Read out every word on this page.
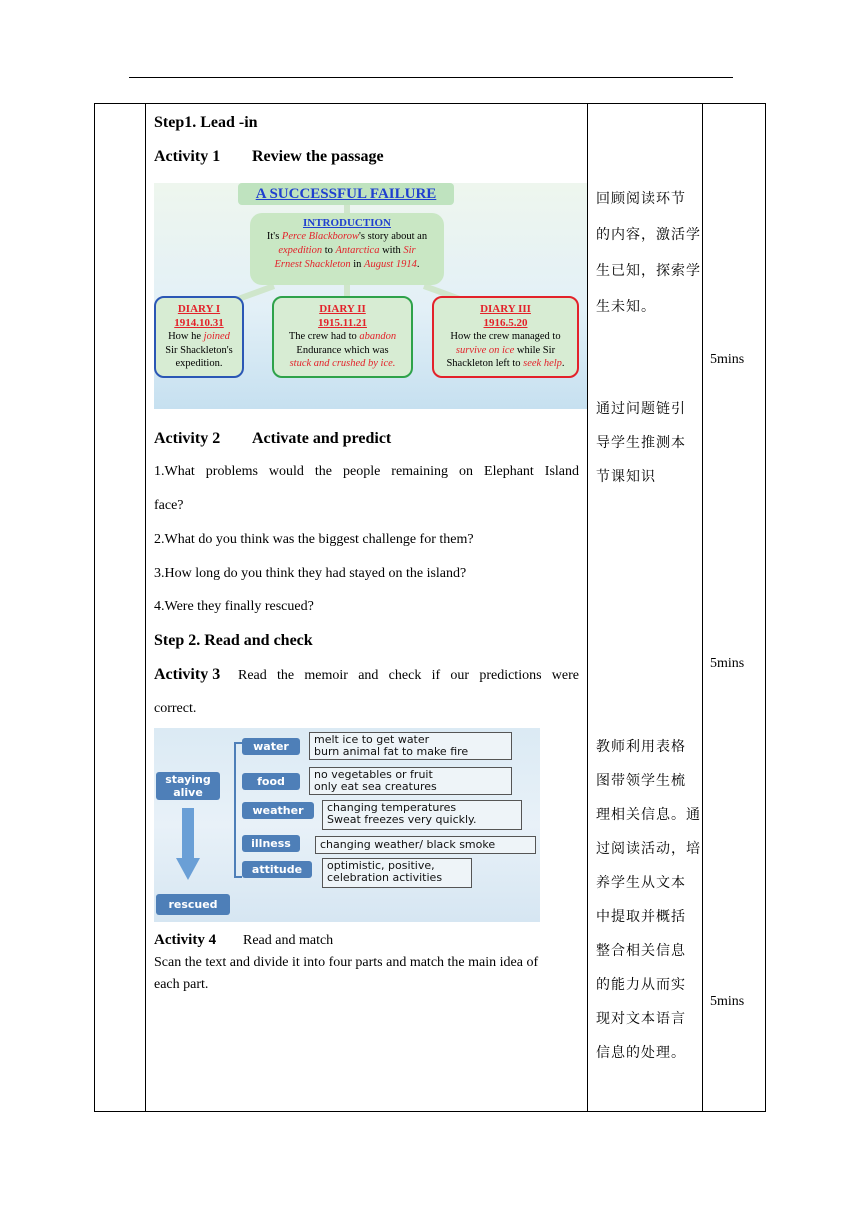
Step1. Lead -in
Activity 1 Review the passage
A SUCCESSFUL FAILURE
INTRODUCTION
It's Perce Blackborow's story about an
expedition to Antarctica with Sir
Ernest Shackleton in August 1914.
DIARY I
1914.10.31
How he joined
Sir Shackleton's
expedition.
DIARY II
1915.11.21
The crew had to abandon
Endurance which was
stuck and crushed by ice.
DIARY III
1916.5.20
How the crew managed to
survive on ice while Sir
Shackleton left to seek help.
Activity 2 Activate and predict
1.What problems would the people remaining on Elephant Island
face?
2.What do you think was the biggest challenge for them?
3.How long do you think they had stayed on the island?
4.Were they finally rescued?
Step 2. Read and check
Activity 3 Read the memoir and check if our predictions were
correct.
staying alive
rescued
water
melt ice to get water
burn animal fat to make fire
food
no vegetables or fruit
only eat sea creatures
weather	changing temperatures
Sweat freezes very quickly.
illness	changing weather/ black smoke
attitude	optimistic, positive,
celebration activities
Activity 4 Read and match
Scan the text and divide it into four parts and match the main idea of
each part.
回顾阅读环节
的内容，激活学
生已知，探索学
生未知。
通过问题链引
导学生推测本
节课知识
教师利用表格
图带领学生梳
理相关信息。通
过阅读活动，培
养学生从文本
中提取并概括
整合相关信息
的能力从而实
现对文本语言
信息的处理。
5mins
5mins
5mins
